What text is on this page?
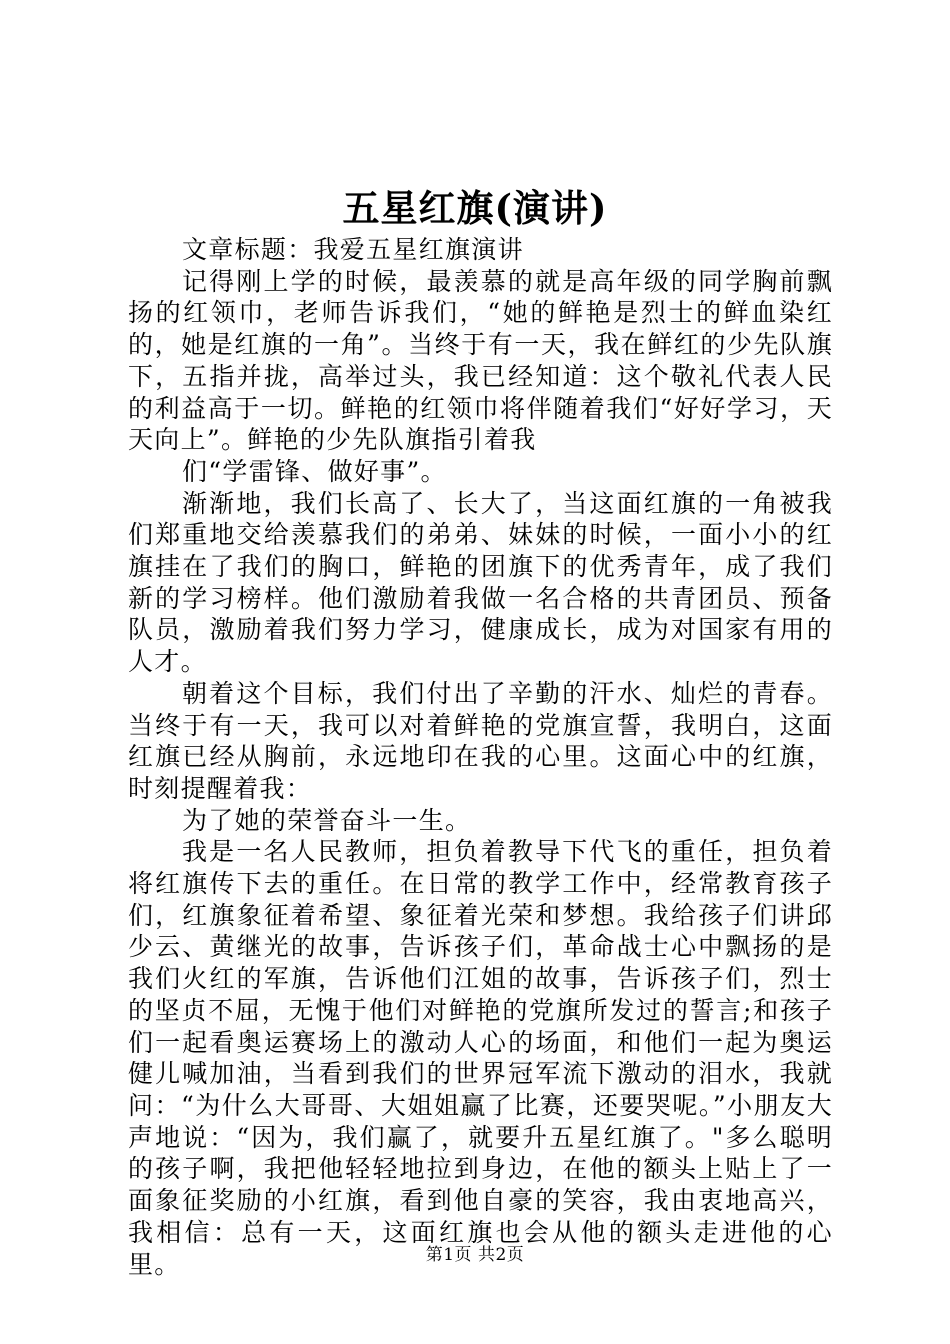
五星红旗(演讲)

文章标题：我爱五星红旗演讲

记得刚上学的时候，最羡慕的就是高年级的同学胸前飘扬的红领巾，老师告诉我们，“她的鲜艳是烈士的鲜血染红的，她是红旗的一角”。当终于有一天，我在鲜红的少先队旗下，五指并拢，高举过头，我已经知道：这个敬礼代表人民的利益高于一切。鲜艳的红领巾将伴随着我们“好好学习，天天向上”。鲜艳的少先队旗指引着我

们“学雷锋、做好事”。

渐渐地，我们长高了、长大了，当这面红旗的一角被我们郑重地交给羡慕我们的弟弟、妹妹的时候，一面小小的红旗挂在了我们的胸口，鲜艳的团旗下的优秀青年，成了我们新的学习榜样。他们激励着我做一名合格的共青团员、预备队员，激励着我们努力学习，健康成长，成为对国家有用的人才。

朝着这个目标，我们付出了辛勤的汗水、灿烂的青春。当终于有一天，我可以对着鲜艳的党旗宣誓，我明白，这面红旗已经从胸前，永远地印在我的心里。这面心中的红旗，时刻提醒着我：

为了她的荣誉奋斗一生。

我是一名人民教师，担负着教导下代飞的重任，担负着将红旗传下去的重任。在日常的教学工作中，经常教育孩子们，红旗象征着希望、象征着光荣和梦想。我给孩子们讲邱少云、黄继光的故事，告诉孩子们，革命战士心中飘扬的是我们火红的军旗，告诉他们江姐的故事，告诉孩子们，烈士的坚贞不屈，无愧于他们对鲜艳的党旗所发过的誓言;和孩子们一起看奥运赛场上的激动人心的场面，和他们一起为奥运健儿喊加油，当看到我们的世界冠军流下激动的泪水，我就问：“为什么大哥哥、大姐姐赢了比赛，还要哭呢。”小朋友大声地说：“因为，我们赢了，就要升五星红旗了。"多么聪明的孩子啊，我把他轻轻地拉到身边，在他的额头上贴上了一面象征奖励的小红旗，看到他自豪的笑容，我由衷地高兴，我相信：总有一天，这面红旗也会从他的额头走进他的心里。	第1页 共2页
